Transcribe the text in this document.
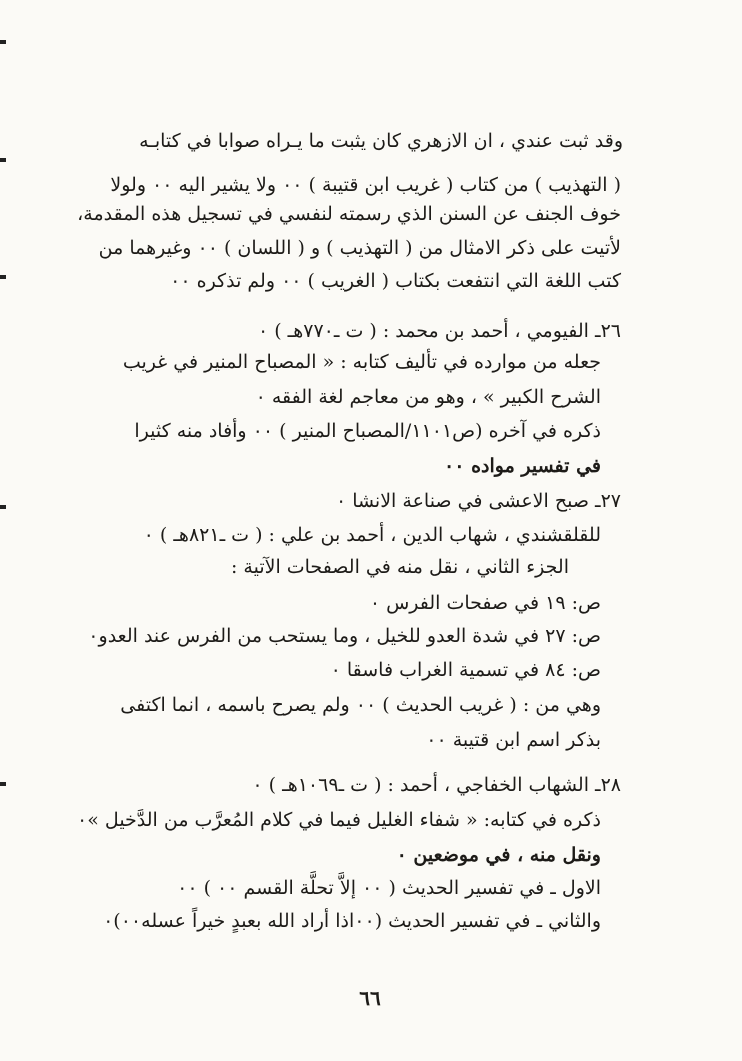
وقد ثبت عندي ، ان الازهري كان يثبت ما يـراه صوابا في كتابـه
( التهذيب ) من كتاب ( غريب ابن قتيبة ) ٠٠ ولا يشير اليه ٠٠ ولولا
خوف الجنف عن السنن الذي رسمته لنفسي في تسجيل هذه المقدمة،
لأتيت على ذكر الامثال من ( التهذيب ) و ( اللسان ) ٠٠ وغيرهما من
كتب اللغة التي انتفعت بكتاب ( الغريب ) ٠٠ ولم تذكره ٠٠
٢٦ـ الفيومي ، أحمد بن محمد : ( ت ـ٧٧٠هـ ) ٠
جعله من موارده في تأليف كتابه : « المصباح المنير في غريب
الشرح الكبير » ، وهو من معاجم لغة الفقه ٠
ذكره في آخره (ص١١٠١/المصباح المنير ) ٠٠ وأفاد منه كثيرا
في تفسير مواده ٠٠
٢٧ـ صبح الاعشى في صناعة الانشا ٠
للقلقشندي ، شهاب الدين ، أحمد بن علي : ( ت ـ٨٢١هـ ) ٠
الجزء الثاني ، نقل منه في الصفحات الآتية :
ص: ١٩ في صفحات الفرس ٠
ص: ٢٧ في شدة العدو للخيل ، وما يستحب من الفرس عند العدو٠
ص: ٨٤ في تسمية الغراب فاسقا ٠
وهي من : ( غريب الحديث ) ٠٠ ولم يصرح باسمه ، انما اكتفى
بذكر اسم ابن قتيبة ٠٠
٢٨ـ الشهاب الخفاجي ، أحمد : ( ت ـ١٠٦٩هـ ) ٠
ذكره في كتابه: « شفاء الغليل فيما في كلام المُعرَّب من الدَّخيل »٠
ونقل منه ، في موضعين ٠
الاول ـ في تفسير الحديث ( ٠٠ إلاَّ تحلَّة القسم ٠٠ ) ٠٠
والثاني ـ في تفسير الحديث (٠٠اذا أراد الله بعبدٍ خيراً عسله٠٠)٠
٦٦
